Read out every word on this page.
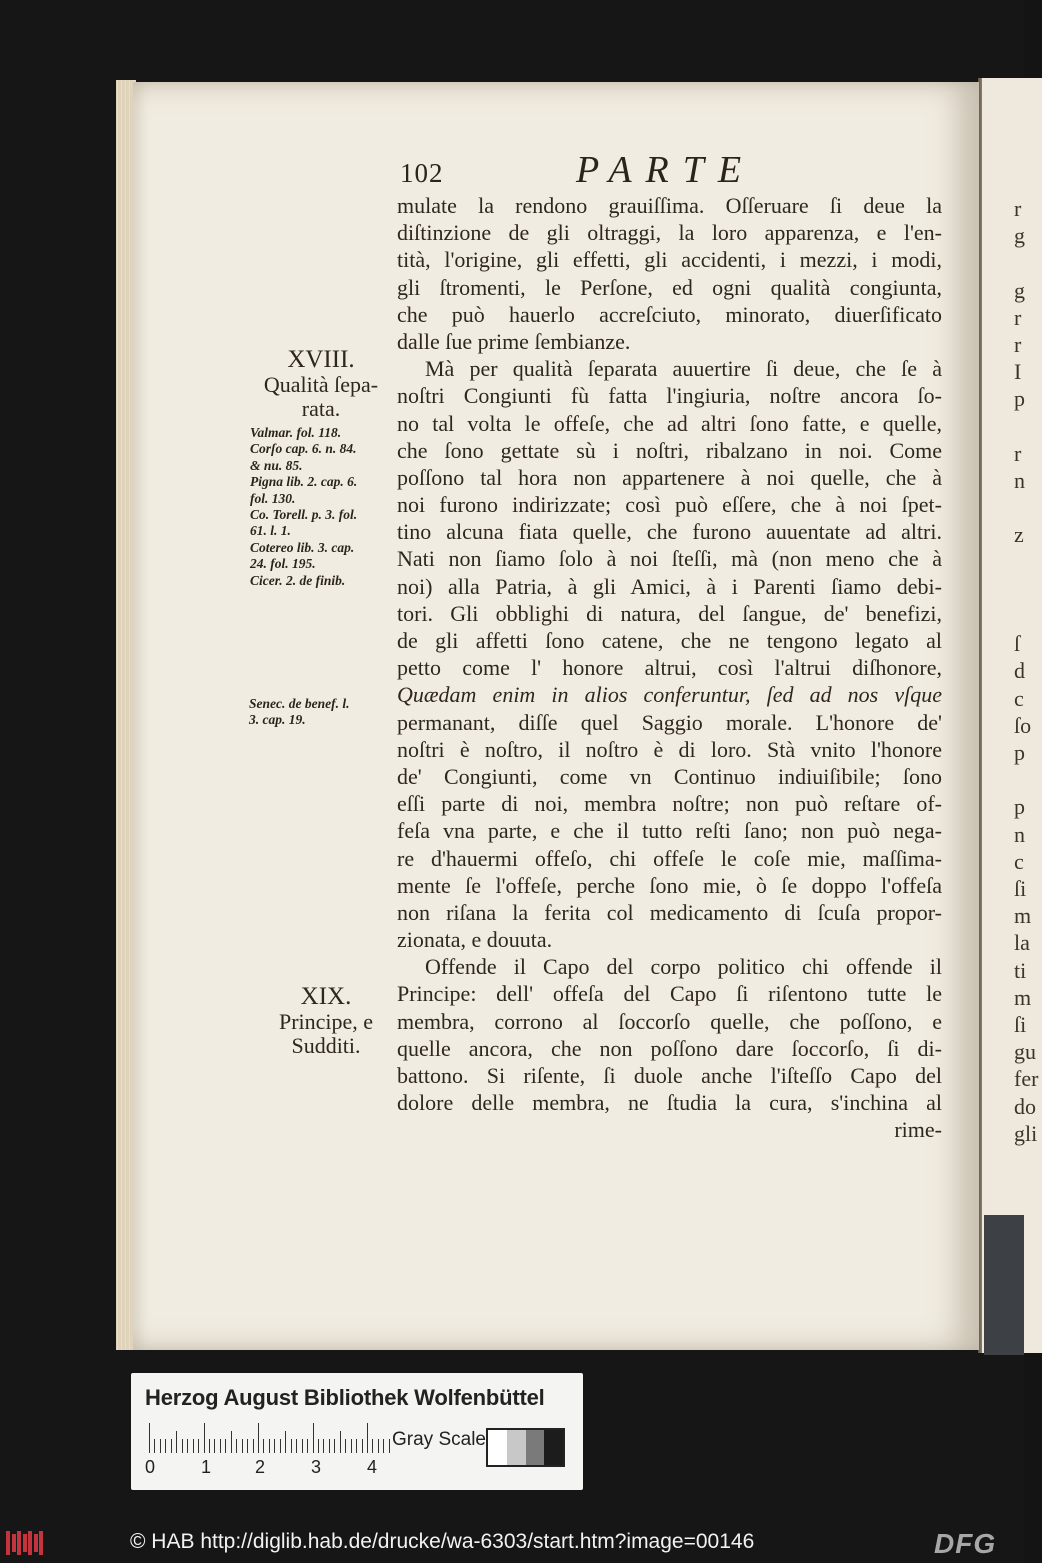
r
g
g
r
r
I
p
r
n
z
ſ
d
c
ſo
p
p
n
c
ſi
m
la
ti
m
ſi
gu
fer
do
gli
102	PARTE
mulate la rendono grauiſſima. Oſſeruare ſi deue la
diſtinzione de gli oltraggi, la loro apparenza, e l'en-
tità, l'origine, gli effetti, gli accidenti, i mezzi, i modi,
gli ſtromenti, le Perſone, ed ogni qualità congiunta,
che può hauerlo accreſciuto, minorato, diuerſificato
dalle ſue prime ſembianze.
Mà per qualità ſeparata auuertire ſi deue, che ſe à
noſtri Congiunti fù fatta l'ingiuria, noſtre ancora ſo-
no tal volta le offeſe, che ad altri ſono fatte, e quelle,
che ſono gettate sù i noſtri, ribalzano in noi. Come
poſſono tal hora non appartenere à noi quelle, che à
noi furono indirizzate; così può eſſere, che à noi ſpet-
tino alcuna fiata quelle, che furono auuentate ad altri.
Nati non ſiamo ſolo à noi ſteſſi, mà (non meno che à
noi) alla Patria, à gli Amici, à i Parenti ſiamo debi-
tori. Gli obblighi di natura, del ſangue, de' benefizi,
de gli affetti ſono catene, che ne tengono legato al
petto come l' honore altrui, così l'altrui diſhonore,
Quædam enim in alios conferuntur, ſed ad nos vſque
permanant, diſſe quel Saggio morale. L'honore de'
noſtri è noſtro, il noſtro è di loro. Stà vnito l'honore
de' Congiunti, come vn Continuo indiuiſibile; ſono
eſſi parte di noi, membra noſtre; non può reſtare of-
feſa vna parte, e che il tutto reſti ſano; non può nega-
re d'hauermi offeſo, chi offeſe le coſe mie, maſſima-
mente ſe l'offeſe, perche ſono mie, ò ſe doppo l'offeſa
non riſana la ferita col medicamento di ſcuſa propor-
zionata, e douuta.
Offende il Capo del corpo politico chi offende il
Principe: dell' offeſa del Capo ſi riſentono tutte le
membra, corrono al ſoccorſo quelle, che poſſono, e
quelle ancora, che non poſſono dare ſoccorſo, ſi di-
battono. Si riſente, ſi duole anche l'iſteſſo Capo del
dolore delle membra, ne ſtudia la cura, s'inchina al
rime-
XVIII.
Qualità ſepa-
rata.
Valmar. fol. 118.
Corſo cap. 6. n. 84.
& nu. 85.
Pigna lib. 2. cap. 6.
fol. 130.
Co. Torell. p. 3. fol.
61. l. 1.
Cotereo lib. 3. cap.
24. fol. 195.
Cicer. 2. de finib.
Senec. de benef. l.
3. cap. 19.
XIX.
Principe, e
Sudditi.
Herzog August Bibliothek Wolfenbüttel
0	1 2	3	4
Gray Scale
© HAB http://diglib.hab.de/drucke/wa-6303/start.htm?image=00146	DFG
